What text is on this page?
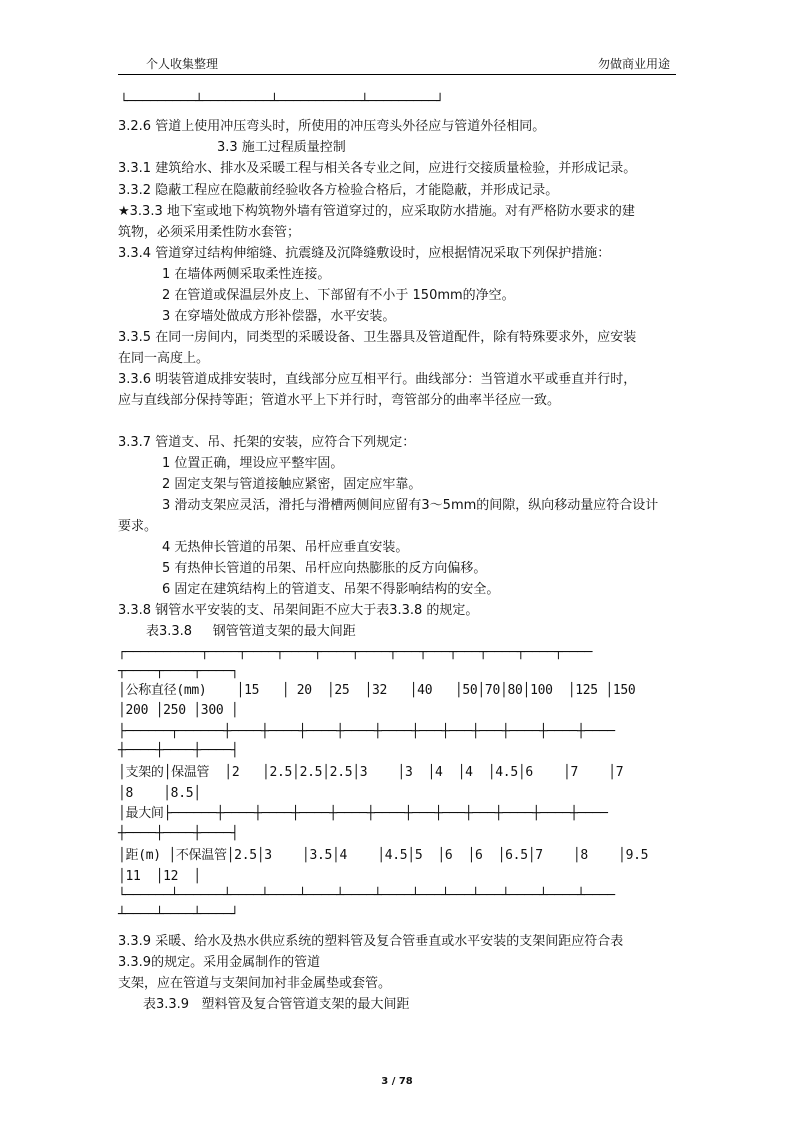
个人收集整理	勿做商业用途
└─────────┴─────────┴───────────┴─────────┘
3.2.6 管道上使用冲压弯头时，所使用的冲压弯头外径应与管道外径相同。
3.3 施工过程质量控制
3.3.1 建筑给水、排水及采暖工程与相关各专业之间，应进行交接质量检验，并形成记录。
3.3.2 隐蔽工程应在隐蔽前经验收各方检验合格后，才能隐蔽，并形成记录。
★3.3.3 地下室或地下构筑物外墙有管道穿过的，应采取防水措施。对有严格防水要求的建
筑物，必须采用柔性防水套管；
3.3.4 管道穿过结构伸缩缝、抗震缝及沉降缝敷设时，应根据情况采取下列保护措施：
1 在墙体两侧采取柔性连接。
2 在管道或保温层外皮上、下部留有不小于 150mm的净空。
3 在穿墙处做成方形补偿器，水平安装。
3.3.5 在同一房间内，同类型的采暖设备、卫生器具及管道配件，除有特殊要求外，应安装
在同一高度上。
3.3.6 明装管道成排安装时，直线部分应互相平行。曲线部分：当管道水平或垂直并行时，
应与直线部分保持等距；管道水平上下并行时，弯管部分的曲率半径应一致。
3.3.7 管道支、吊、托架的安装，应符合下列规定：
1 位置正确，埋设应平整牢固。
2 固定支架与管道接触应紧密，固定应牢靠。
3 滑动支架应灵活，滑托与滑槽两侧间应留有3～5mm的间隙，纵向移动量应符合设计
要求。
4 无热伸长管道的吊架、吊杆应垂直安装。
5 有热伸长管道的吊架、吊杆应向热膨胀的反方向偏移。
6 固定在建筑结构上的管道支、吊架不得影响结构的安全。
3.3.8 钢管水平安装的支、吊架间距不应大于表3.3.8 的规定。
表3.3.8     钢管管道支架的最大间距
┌──────────┬────┬────┬────┬────┬────┬───┬───┬───┬────┬────┬────
┬────┬────┬────┐
│公称直径(mm)    │15   │ 20  │25  │32   │40   │50│70│80│100  │125 │150
│200 │250 │300 │
├──────┬──────┼────┼────┼────┼────┼────┼───┼───┼───┼────┼────┼────
┼────┼────┼────┤
│支架的│保温管  │2   │2.5│2.5│2.5│3    │3  │4  │4  │4.5│6    │7    │7
│8    │8.5│
│最大间├──────┼────┼────┼────┼────┼────┼───┼───┼───┼────┼────┼────
┼────┼────┼────┤
│距(m) │不保温管│2.5│3    │3.5│4    │4.5│5  │6  │6  │6.5│7    │8    │9.5
│11  │12  │
└──────┴──────┴────┴────┴────┴────┴────┴───┴───┴───┴────┴────┴────
┴────┴────┴────┘
3.3.9 采暖、给水及热水供应系统的塑料管及复合管垂直或水平安装的支架间距应符合表
3.3.9的规定。采用金属制作的管道
支架，应在管道与支架间加衬非金属垫或套管。
表3.3.9   塑料管及复合管管道支架的最大间距
3 / 78
